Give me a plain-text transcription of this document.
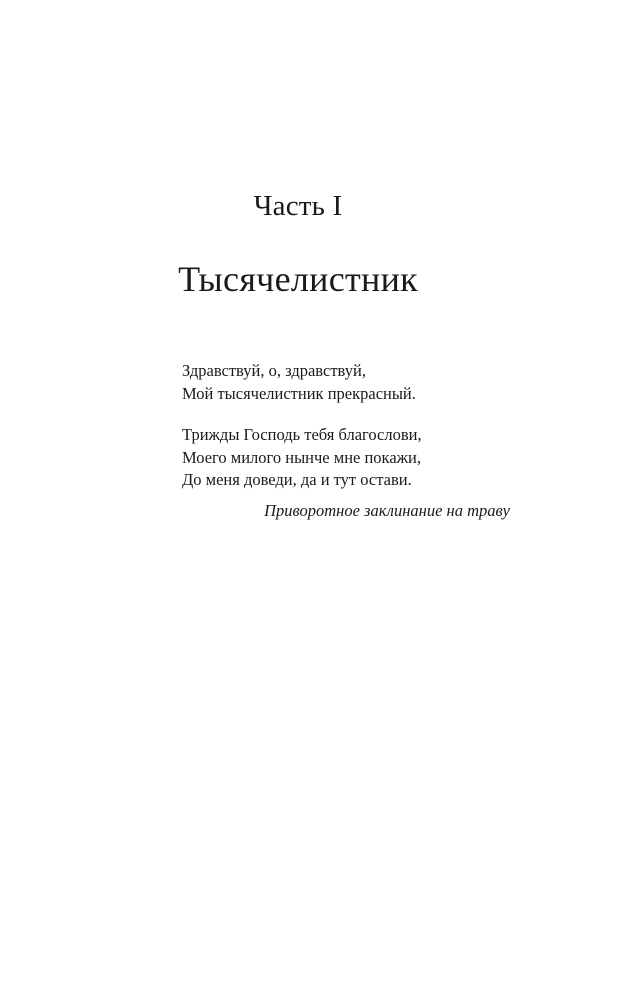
Часть I
Тысячелистник

Здравствуй, о, здравствуй,
Мой тысячелистник прекрасный.

Трижды Господь тебя благослови,
Моего милого нынче мне покажи,
До меня доведи, да и тут остави.

Приворотное заклинание на траву
